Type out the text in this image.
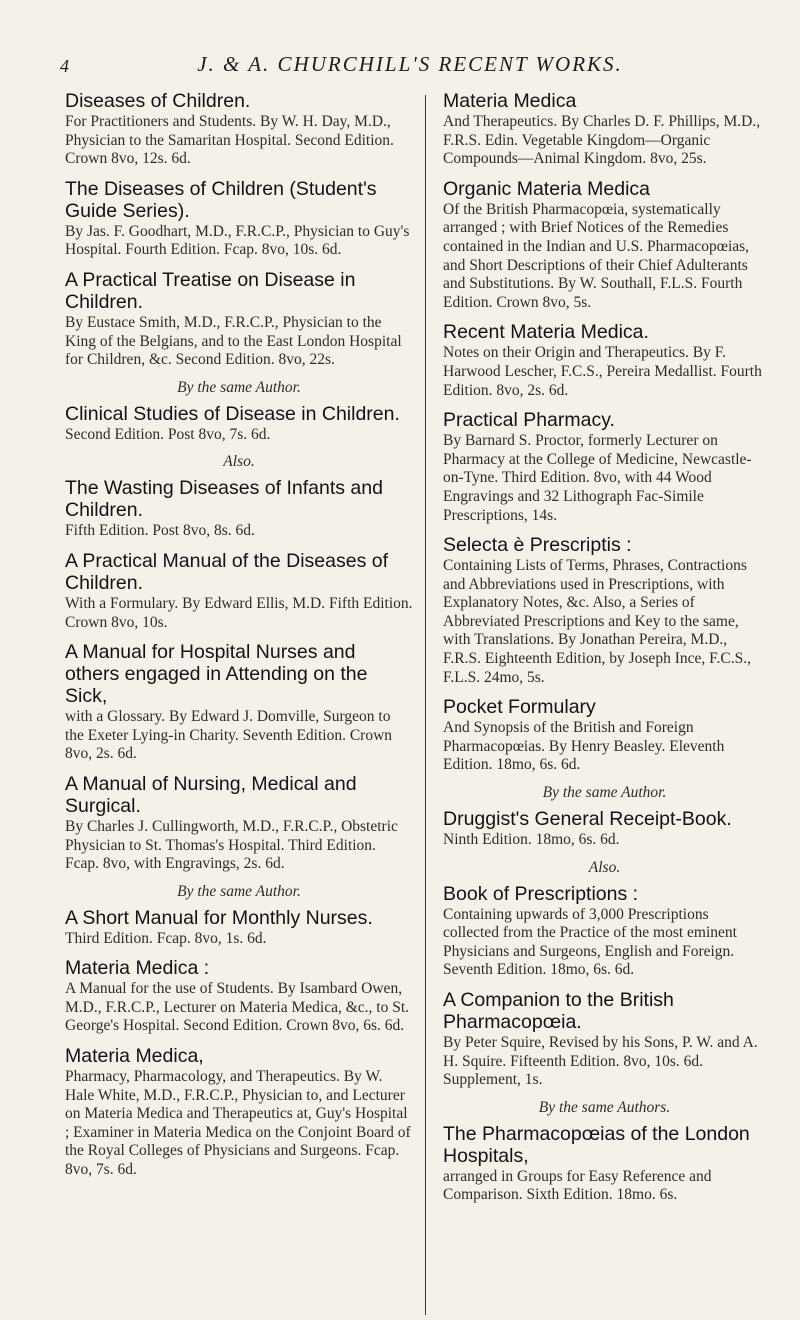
4	J. & A. CHURCHILL'S RECENT WORKS.
Diseases of Children.

For Practitioners and Students. By W. H. Day, M.D., Physician to the Samaritan Hospital. Second Edition. Crown 8vo, 12s. 6d.

The Diseases of Children (Student's Guide Series).

By Jas. F. Goodhart, M.D., F.R.C.P., Physician to Guy's Hospital. Fourth Edition. Fcap. 8vo, 10s. 6d.

A Practical Treatise on Disease in Children.

By Eustace Smith, M.D., F.R.C.P., Physician to the King of the Belgians, and to the East London Hospital for Children, &c. Second Edition. 8vo, 22s.

By the same Author.
Clinical Studies of Disease in Children.

Second Edition. Post 8vo, 7s. 6d.

Also.
The Wasting Diseases of Infants and Children.

Fifth Edition. Post 8vo, 8s. 6d.

A Practical Manual of the Diseases of Children.

With a Formulary. By Edward Ellis, M.D. Fifth Edition. Crown 8vo, 10s.

A Manual for Hospital Nurses and others engaged in Attending on the Sick,

with a Glossary. By Edward J. Domville, Surgeon to the Exeter Lying-in Charity. Seventh Edition. Crown 8vo, 2s. 6d.

A Manual of Nursing, Medical and Surgical.

By Charles J. Cullingworth, M.D., F.R.C.P., Obstetric Physician to St. Thomas's Hospital. Third Edition. Fcap. 8vo, with Engravings, 2s. 6d.

By the same Author.
A Short Manual for Monthly Nurses.

Third Edition. Fcap. 8vo, 1s. 6d.

Materia Medica :

A Manual for the use of Students. By Isambard Owen, M.D., F.R.C.P., Lecturer on Materia Medica, &c., to St. George's Hospital. Second Edition. Crown 8vo, 6s. 6d.

Materia Medica,

Pharmacy, Pharmacology, and Therapeutics. By W. Hale White, M.D., F.R.C.P., Physician to, and Lecturer on Materia Medica and Therapeutics at, Guy's Hospital ; Examiner in Materia Medica on the Conjoint Board of the Royal Colleges of Physicians and Surgeons. Fcap. 8vo, 7s. 6d.

Materia Medica

And Therapeutics. By Charles D. F. Phillips, M.D., F.R.S. Edin. Vegetable Kingdom—Organic Compounds—Animal Kingdom. 8vo, 25s.

Organic Materia Medica

Of the British Pharmacopœia, systematically arranged ; with Brief Notices of the Remedies contained in the Indian and U.S. Pharmacopœias, and Short Descriptions of their Chief Adulterants and Substitutions. By W. Southall, F.L.S. Fourth Edition. Crown 8vo, 5s.

Recent Materia Medica.

Notes on their Origin and Therapeutics. By F. Harwood Lescher, F.C.S., Pereira Medallist. Fourth Edition. 8vo, 2s. 6d.

Practical Pharmacy.

By Barnard S. Proctor, formerly Lecturer on Pharmacy at the College of Medicine, Newcastle-on-Tyne. Third Edition. 8vo, with 44 Wood Engravings and 32 Lithograph Fac-Simile Prescriptions, 14s.

Selecta è Prescriptis :

Containing Lists of Terms, Phrases, Contractions and Abbreviations used in Prescriptions, with Explanatory Notes, &c. Also, a Series of Abbreviated Prescriptions and Key to the same, with Translations. By Jonathan Pereira, M.D., F.R.S. Eighteenth Edition, by Joseph Ince, F.C.S., F.L.S. 24mo, 5s.

Pocket Formulary

And Synopsis of the British and Foreign Pharmacopœias. By Henry Beasley. Eleventh Edition. 18mo, 6s. 6d.

By the same Author.
Druggist's General Receipt-Book.

Ninth Edition. 18mo, 6s. 6d.

Also.
Book of Prescriptions :

Containing upwards of 3,000 Prescriptions collected from the Practice of the most eminent Physicians and Surgeons, English and Foreign. Seventh Edition. 18mo, 6s. 6d.

A Companion to the British Pharmacopœia.

By Peter Squire, Revised by his Sons, P. W. and A. H. Squire. Fifteenth Edition. 8vo, 10s. 6d. Supplement, 1s.

By the same Authors.
The Pharmacopœias of the London Hospitals,

arranged in Groups for Easy Reference and Comparison. Sixth Edition. 18mo. 6s.
